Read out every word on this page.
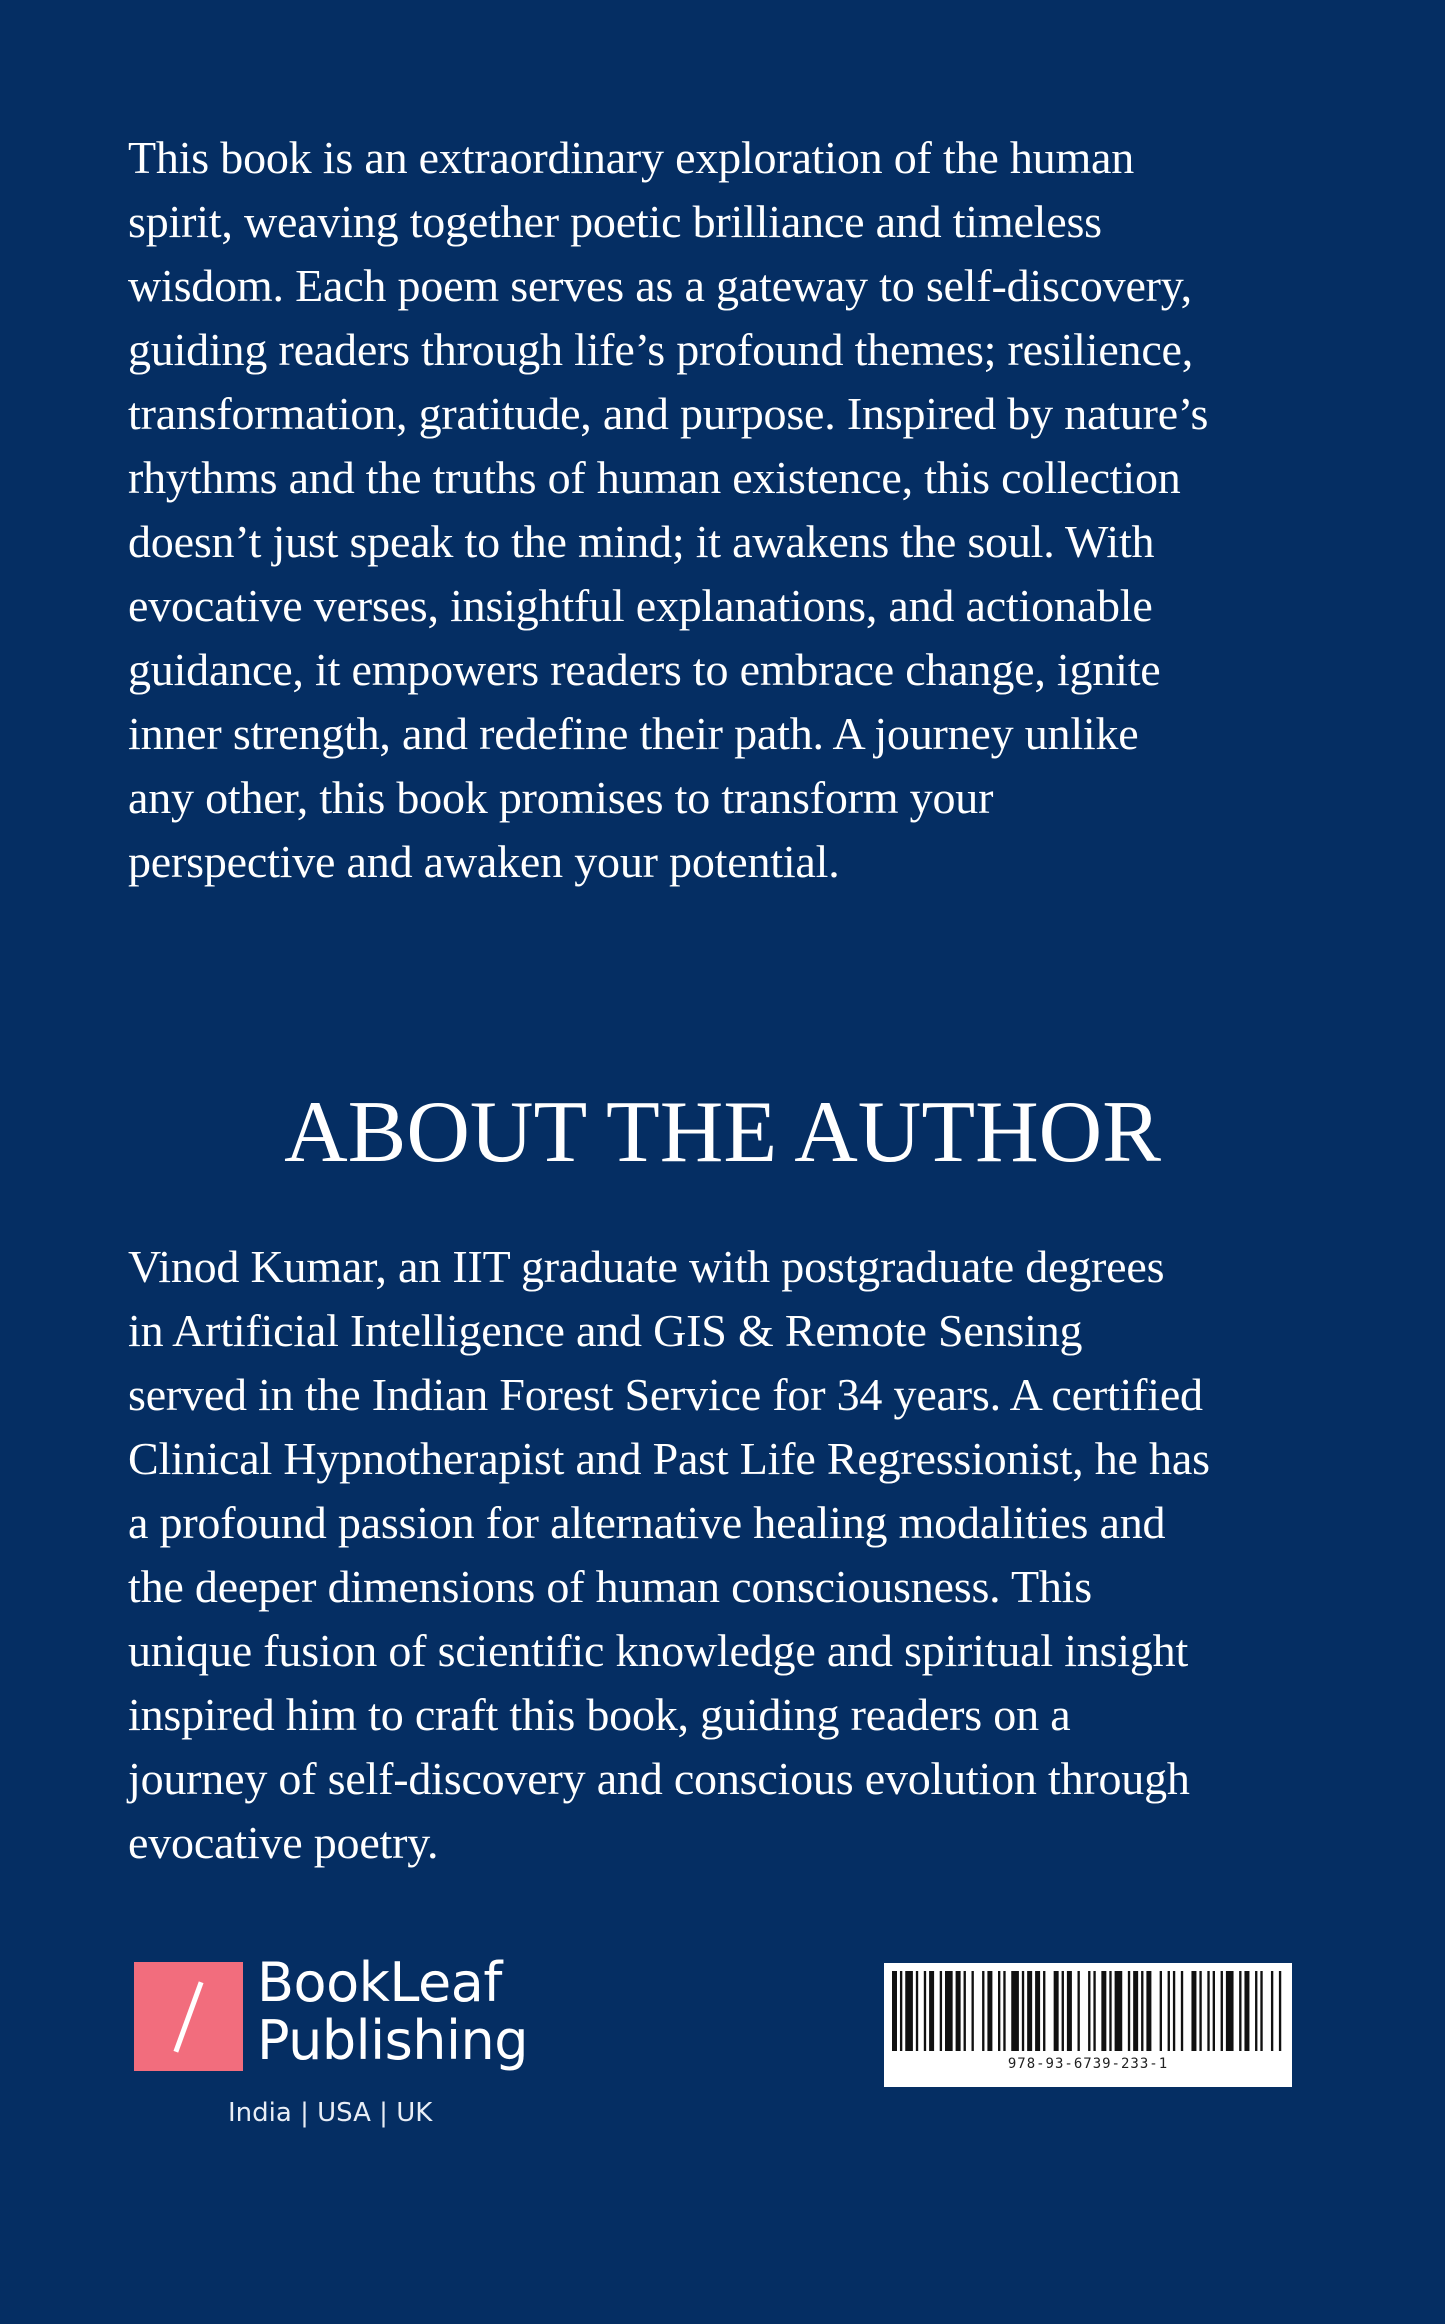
This book is an extraordinary exploration of the human
spirit, weaving together poetic brilliance and timeless
wisdom. Each poem serves as a gateway to self-discovery,
guiding readers through life’s profound themes; resilience,
transformation, gratitude, and purpose. Inspired by nature’s
rhythms and the truths of human existence, this collection
doesn’t just speak to the mind; it awakens the soul. With
evocative verses, insightful explanations, and actionable
guidance, it empowers readers to embrace change, ignite
inner strength, and redefine their path. A journey unlike
any other, this book promises to transform your
perspective and awaken your potential.

ABOUT THE AUTHOR

Vinod Kumar, an IIT graduate with postgraduate degrees
in Artificial Intelligence and GIS & Remote Sensing
served in the Indian Forest Service for 34 years. A certified
Clinical Hypnotherapist and Past Life Regressionist, he has
a profound passion for alternative healing modalities and
the deeper dimensions of human consciousness. This
unique fusion of scientific knowledge and spiritual insight
inspired him to craft this book, guiding readers on a
journey of self-discovery and conscious evolution through
evocative poetry.

BookLeaf
Publishing
India | USA | UK
978-93-6739-233-1
